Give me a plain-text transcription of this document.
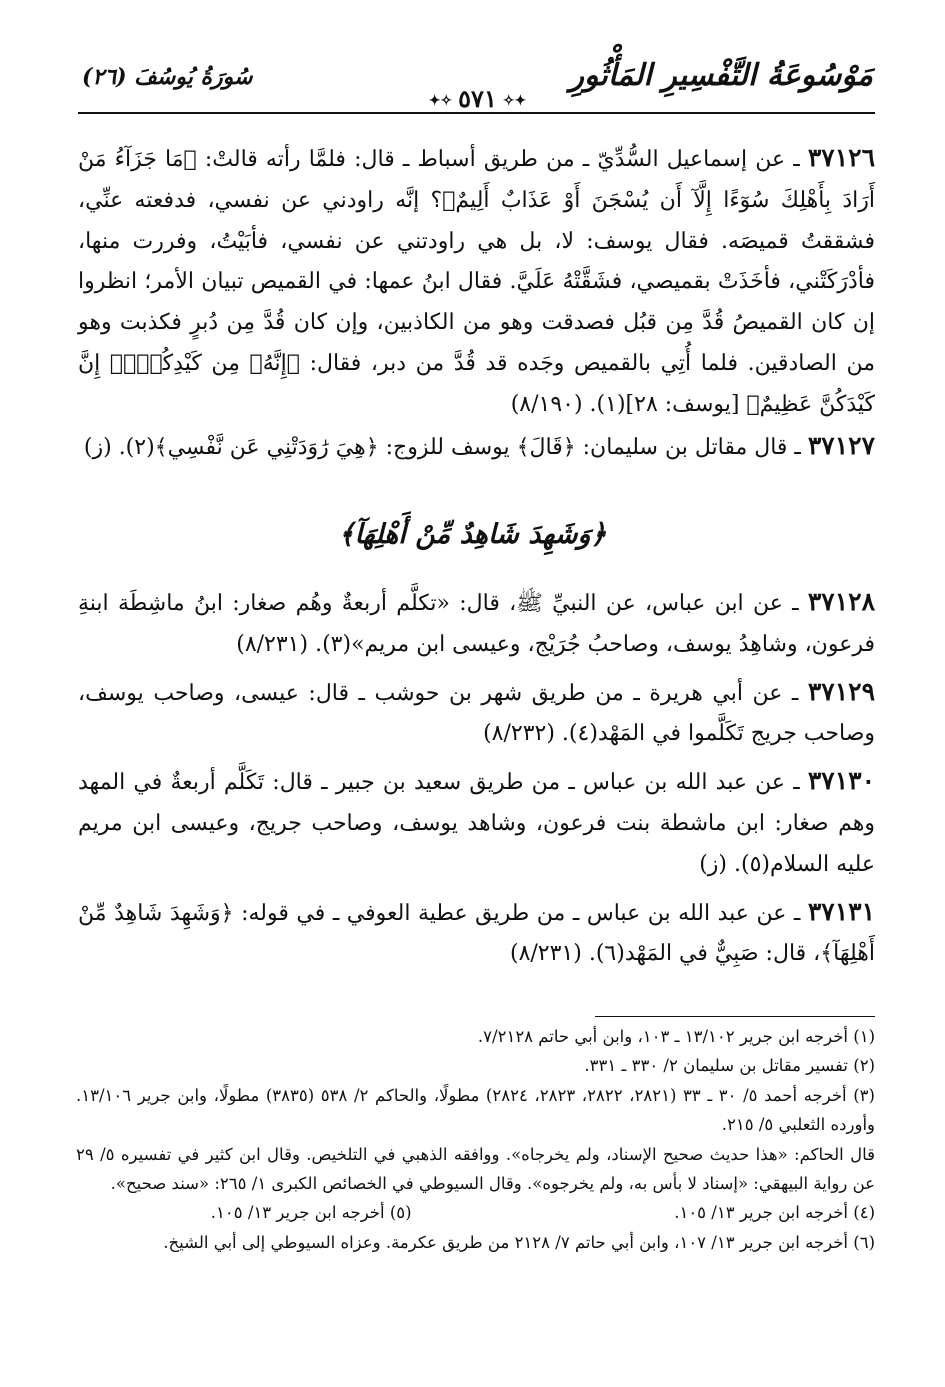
مَوْسُوعَةُ التَّفْسِيرِ المَأْثُورِ
سُورَةُ يُوسُفَ (٢٦)
✦✧٥٧١✧✦

٣٧١٢٦ ـ عن إسماعيل السُّدِّيّ ـ من طريق أسباط ـ قال: فلمَّا رأته قالتْ: ﴿مَا جَزَآءُ مَنْ أَرَادَ بِأَهْلِكَ سُوٓءًا إِلَّآ أَن يُسْجَنَ أَوْ عَذَابٌ أَلِيمٌ﴾؟ إنَّه راودني عن نفسي، فدفعته عنِّي، فشققتُ قميصَه. فقال يوسف: لا، بل هي راودتني عن نفسي، فأبَيْتُ، وفررت منها، فأدْرَكَتْني، فأخَذَتْ بقميصي، فشَقَّتْهُ عَلَيَّ. فقال ابنُ عمها: في القميص تبيان الأمر؛ انظروا إن كان القميصُ قُدَّ مِن قبُل فصدقت وهو من الكاذبين، وإن كان قُدَّ مِن دُبرٍ فكذبت وهو من الصادقين. فلما أُتِي بالقميص وجَده قد قُدَّ من دبر، فقال: ﴿إِنَّهُۥ مِن كَيْدِكُنَّۖ إِنَّ كَيْدَكُنَّ عَظِيمٌ﴾ [يوسف: ٢٨](١). (٨/١٩٠)

٣٧١٢٧ ـ قال مقاتل بن سليمان: ﴿قَالَ﴾ يوسف للزوج: ﴿هِيَ رَٰوَدَتْنِي عَن نَّفْسِي﴾(٢). (ز)

﴿وَشَهِدَ شَاهِدٌ مِّنْ أَهْلِهَآ﴾

٣٧١٢٨ ـ عن ابن عباس، عن النبيِّ ﷺ، قال: «تكلَّم أربعةٌ وهُم صغار: ابنُ ماشِطَة ابنةِ فرعون، وشاهِدُ يوسف، وصاحبُ جُرَيْج، وعيسى ابن مريم»(٣). (٨/٢٣١)

٣٧١٢٩ ـ عن أبي هريرة ـ من طريق شهر بن حوشب ـ قال: عيسى، وصاحب يوسف، وصاحب جريج تَكَلَّموا في المَهْد(٤). (٨/٢٣٢)

٣٧١٣٠ ـ عن عبد الله بن عباس ـ من طريق سعيد بن جبير ـ قال: تَكَلَّم أربعةٌ في المهد وهم صغار: ابن ماشطة بنت فرعون، وشاهد يوسف، وصاحب جريج، وعيسى ابن مريم عليه السلام(٥). (ز)

٣٧١٣١ ـ عن عبد الله بن عباس ـ من طريق عطية العوفي ـ في قوله: ﴿وَشَهِدَ شَاهِدٌ مِّنْ أَهْلِهَآ﴾، قال: صَبِيٌّ في المَهْد(٦). (٨/٢٣١)

(١) أخرجه ابن جرير ١٣/١٠٢ ـ ١٠٣، وابن أبي حاتم ٧/٢١٢٨.

(٢) تفسير مقاتل بن سليمان ٢/ ٣٣٠ ـ ٣٣١.

(٣) أخرجه أحمد ٥/ ٣٠ ـ ٣٣ (٢٨٢١، ٢٨٢٢، ٢٨٢٣، ٢٨٢٤) مطولًا، والحاكم ٢/ ٥٣٨ (٣٨٣٥) مطولًا، وابن جرير ١٣/١٠٦. وأورده الثعلبي ٥/ ٢١٥.

قال الحاكم: «هذا حديث صحيح الإسناد، ولم يخرجاه». ووافقه الذهبي في التلخيص. وقال ابن كثير في تفسيره ٥/ ٢٩ عن رواية البيهقي: «إسناد لا بأس به، ولم يخرجوه». وقال السيوطي في الخصائص الكبرى ١/ ٢٦٥: «سند صحيح».

(٤) أخرجه ابن جرير ١٣/ ١٠٥.
(٥) أخرجه ابن جرير ١٣/ ١٠٥.

(٦) أخرجه ابن جرير ١٣/ ١٠٧، وابن أبي حاتم ٧/ ٢١٢٨ من طريق عكرمة. وعزاه السيوطي إلى أبي الشيخ.
